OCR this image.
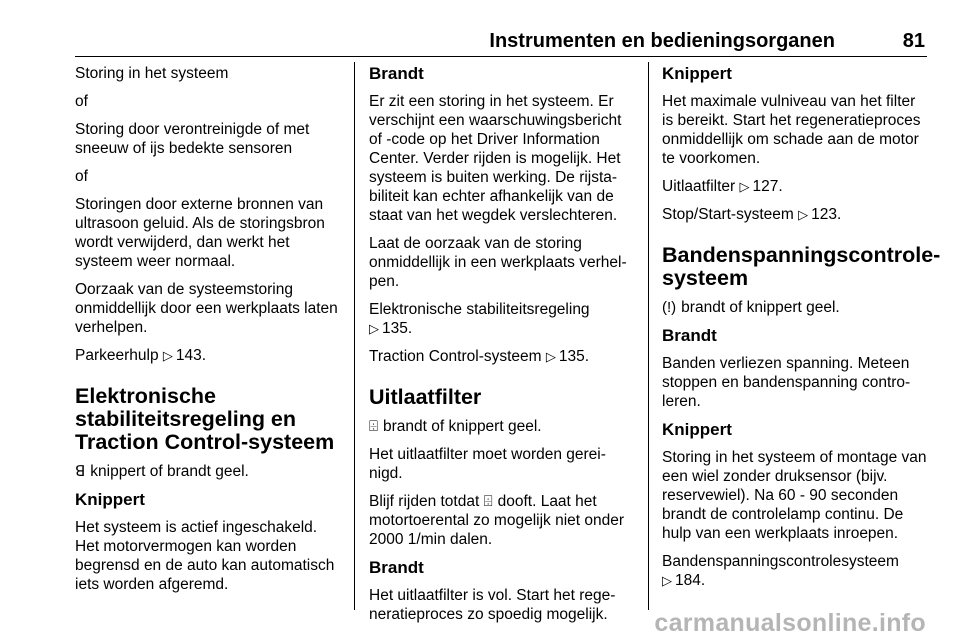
Instrumenten en bedieningsorganen	81

Storing in het systeem

of

Storing door verontreinigde of met sneeuw of ijs bedekte sensoren

of

Storingen door externe bronnen van ultrasoon geluid. Als de storingsbron wordt verwijderd, dan werkt het systeem weer normaal.

Oorzaak van de systeemstoring onmiddellijk door een werkplaats laten verhelpen.

Parkeerhulp ▷ 143.

Elektronische stabiliteitsregeling en Traction Control-systeem

ꓭ knippert of brandt geel.

Knippert

Het systeem is actief ingeschakeld. Het motorvermogen kan worden begrensd en de auto kan automatisch iets worden afgeremd.

Brandt

Er zit een storing in het systeem. Er verschijnt een waarschuwingsbericht of -code op het Driver Information Center. Verder rijden is mogelijk. Het systeem is buiten werking. De rijstabiliteit kan echter afhankelijk van de staat van het wegdek verslechteren.

Laat de oorzaak van de storing onmiddellijk in een werkplaats verhelpen.

Elektronische stabiliteitsregeling
▷ 135.

Traction Control-systeem ▷ 135.

Uitlaatfilter

⌹ brandt of knippert geel.

Het uitlaatfilter moet worden gereinigd.

Blijf rijden totdat ⌹ dooft. Laat het motortoerental zo mogelijk niet onder 2000 1/min dalen.

Brandt

Het uitlaatfilter is vol. Start het regeneratieproces zo spoedig mogelijk.

Knippert

Het maximale vulniveau van het filter is bereikt. Start het regeneratieproces onmiddellijk om schade aan de motor te voorkomen.

Uitlaatfilter ▷ 127.

Stop/Start-systeem ▷ 123.

Bandenspanningscontrolesysteem

(!) brandt of knippert geel.

Brandt

Banden verliezen spanning. Meteen stoppen en bandenspanning controleren.

Knippert

Storing in het systeem of montage van een wiel zonder druksensor (bijv. reservewiel). Na 60 - 90 seconden brandt de controlelamp continu. De hulp van een werkplaats inroepen.

Bandenspanningscontrolesysteem
▷ 184.

carmanualsonline.info
